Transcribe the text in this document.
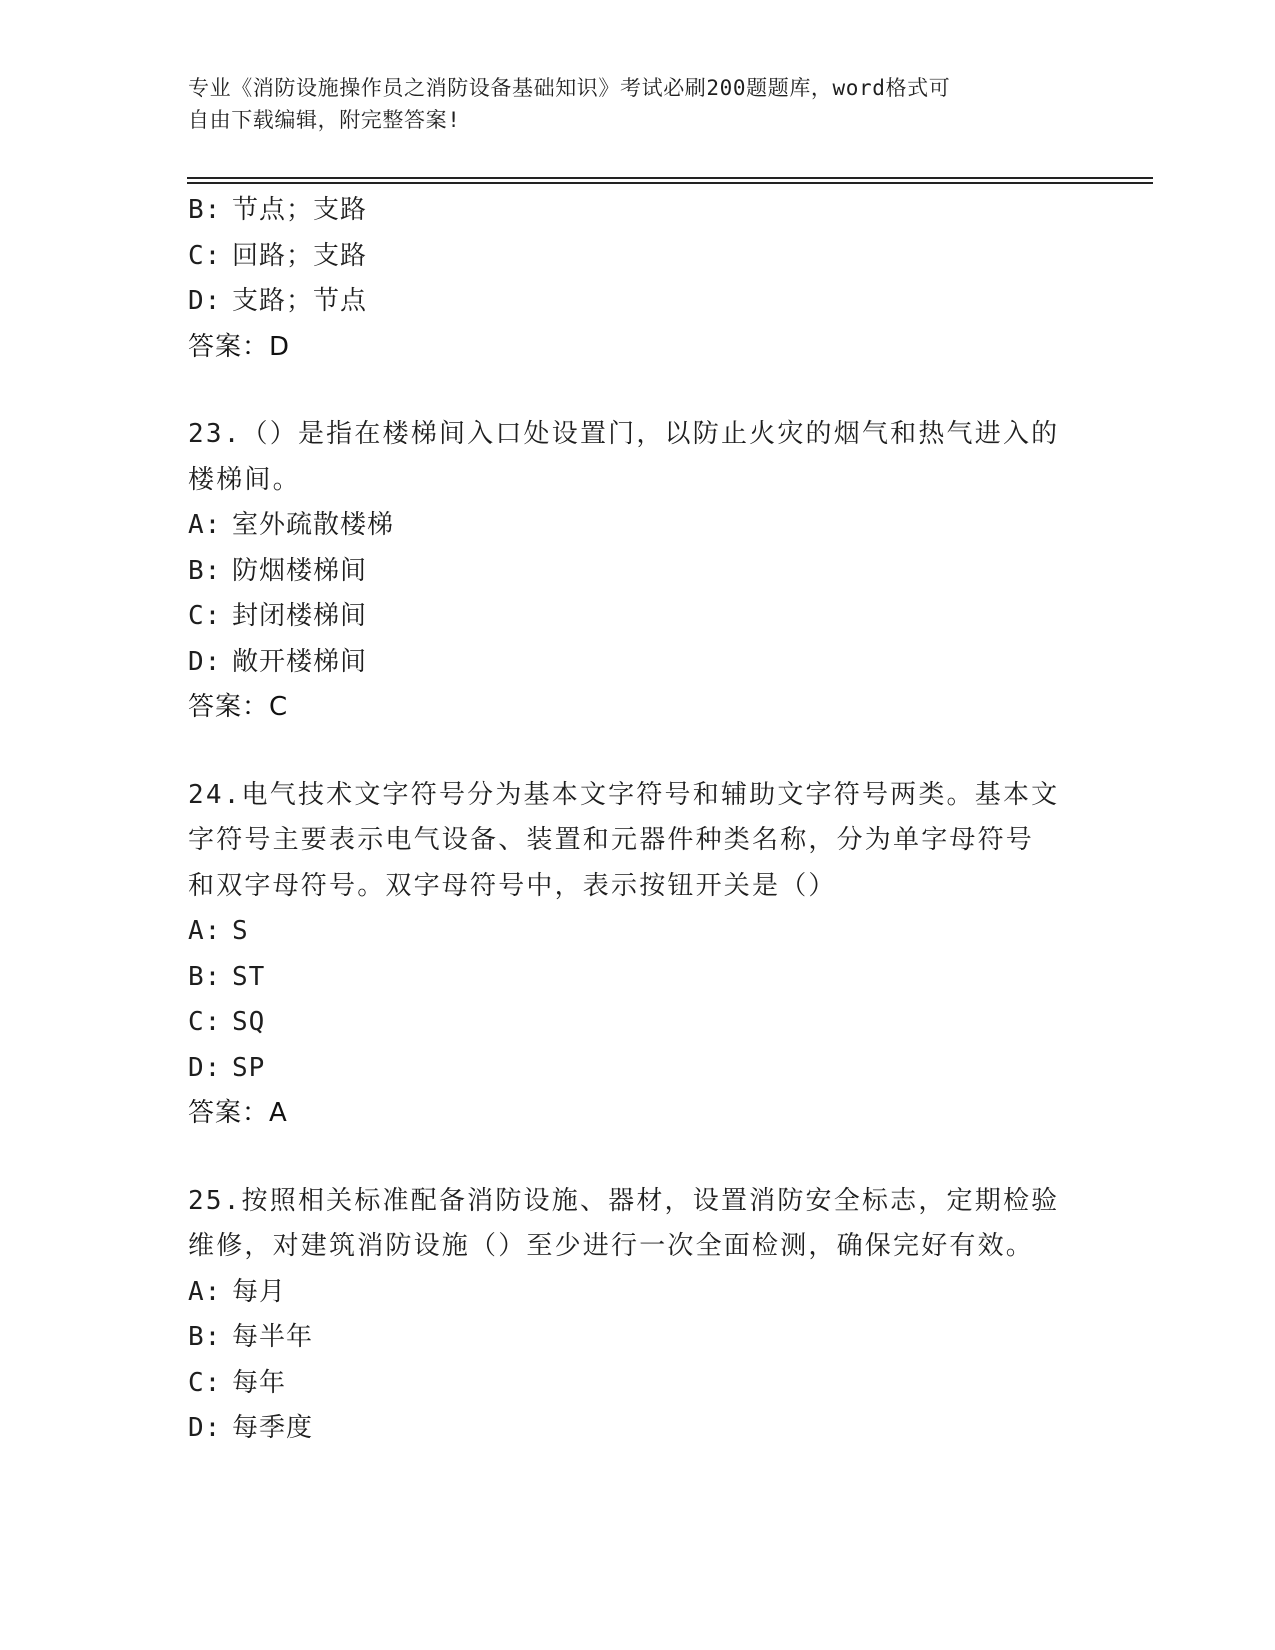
专业《消防设施操作员之消防设备基础知识》考试必刷200题题库，word格式可
自由下载编辑，附完整答案!
B: 节点；支路
C: 回路；支路
D: 支路；节点
答案：D
23.（）是指在楼梯间入口处设置门，以防止火灾的烟气和热气进入的
楼梯间。
A: 室外疏散楼梯
B: 防烟楼梯间
C: 封闭楼梯间
D: 敞开楼梯间
答案：C
24.电气技术文字符号分为基本文字符号和辅助文字符号两类。基本文
字符号主要表示电气设备、装置和元器件种类名称，分为单字母符号
和双字母符号。双字母符号中，表示按钮开关是（）
A: S
B: ST
C: SQ
D: SP
答案：A
25.按照相关标准配备消防设施、器材，设置消防安全标志，定期检验
维修，对建筑消防设施（）至少进行一次全面检测，确保完好有效。
A: 每月
B: 每半年
C: 每年
D: 每季度
